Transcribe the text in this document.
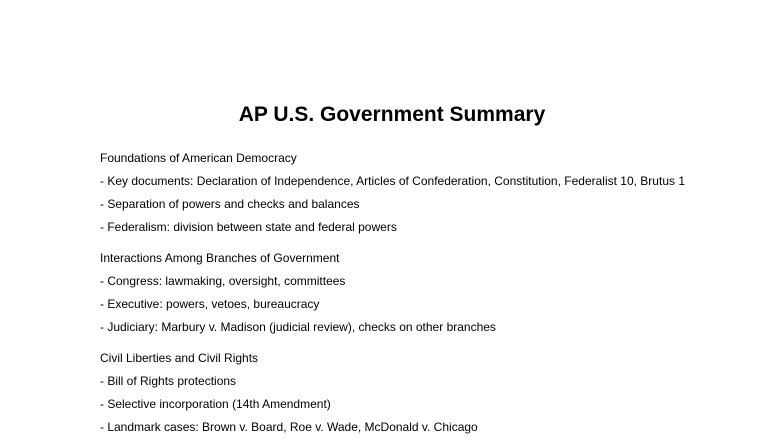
AP U.S. Government Summary
Foundations of American Democracy
- Key documents: Declaration of Independence, Articles of Confederation, Constitution, Federalist 10, Brutus 1
- Separation of powers and checks and balances
- Federalism: division between state and federal powers
Interactions Among Branches of Government
- Congress: lawmaking, oversight, committees
- Executive: powers, vetoes, bureaucracy
- Judiciary: Marbury v. Madison (judicial review), checks on other branches
Civil Liberties and Civil Rights
- Bill of Rights protections
- Selective incorporation (14th Amendment)
- Landmark cases: Brown v. Board, Roe v. Wade, McDonald v. Chicago
